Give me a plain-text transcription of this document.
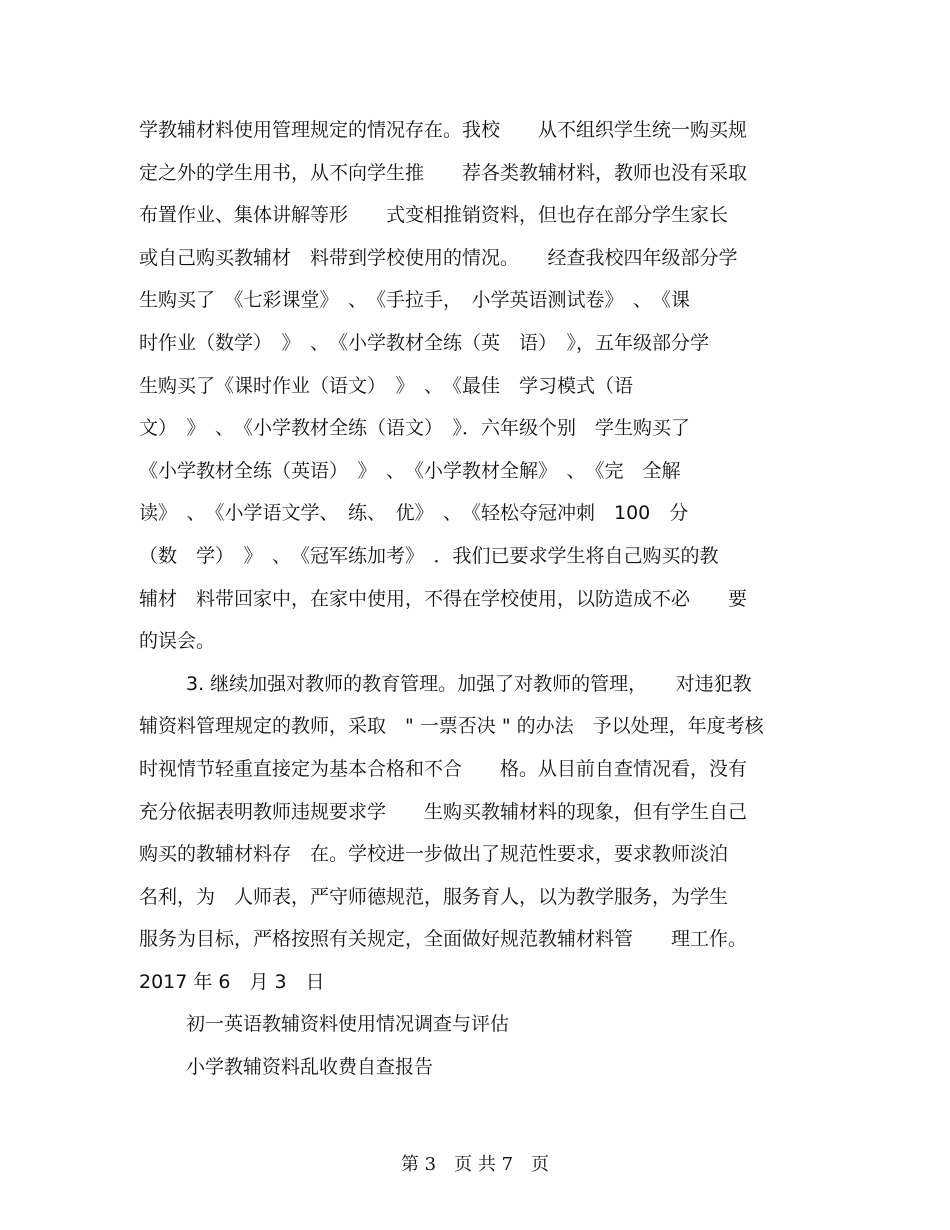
学教辅材料使用管理规定的情况存在。我校　　从不组织学生统一购买规
定之外的学生用书，从不向学生推　　荐各类教辅材料，教师也没有采取
布置作业、集体讲解等形　　式变相推销资料，但也存在部分学生家长
或自己购买教辅材　料带到学校使用的情况。　　经查我校四年级部分学
生购买了　《七彩课堂》　、　《手拉手，　小学英语测试卷》　、　《课
时作业（数学）　》　、　《小学教材全练（英　语）　》，五年级部分学
生购买了《课时作业（语文）　》　、　《最佳　学习模式（语
文）　》　、　《小学教材全练（语文）　》．六年级个别　学生购买了
《小学教材全练（英语）　》　、　《小学教材全解》　、　《完　全解
读》　、　《小学语文学、　练、　优》　、　《轻松夺冠冲刺　100　分
（数　学）　》　、　《冠军练加考》　．我们已要求学生将自己购买的教
辅材　料带回家中，在家中使用，不得在学校使用，以防造成不必　　要
的误会。
3. 继续加强对教师的教育管理。加强了对教师的管理，　　对违犯教
辅资料管理规定的教师，采取　" 一票否决 " 的办法　予以处理，年度考核
时视情节轻重直接定为基本合格和不合　　格。从目前自查情况看，没有
充分依据表明教师违规要求学　　生购买教辅材料的现象，但有学生自己
购买的教辅材料存　在。学校进一步做出了规范性要求，要求教师淡泊
名利，为　人师表，严守师德规范，服务育人，以为教学服务，为学生
服务为目标，严格按照有关规定，全面做好规范教辅材料管　　理工作。
2017 年 6　月 3　日
初一英语教辅资料使用情况调查与评估
小学教辅资料乱收费自查报告
第 3　页 共 7　页
